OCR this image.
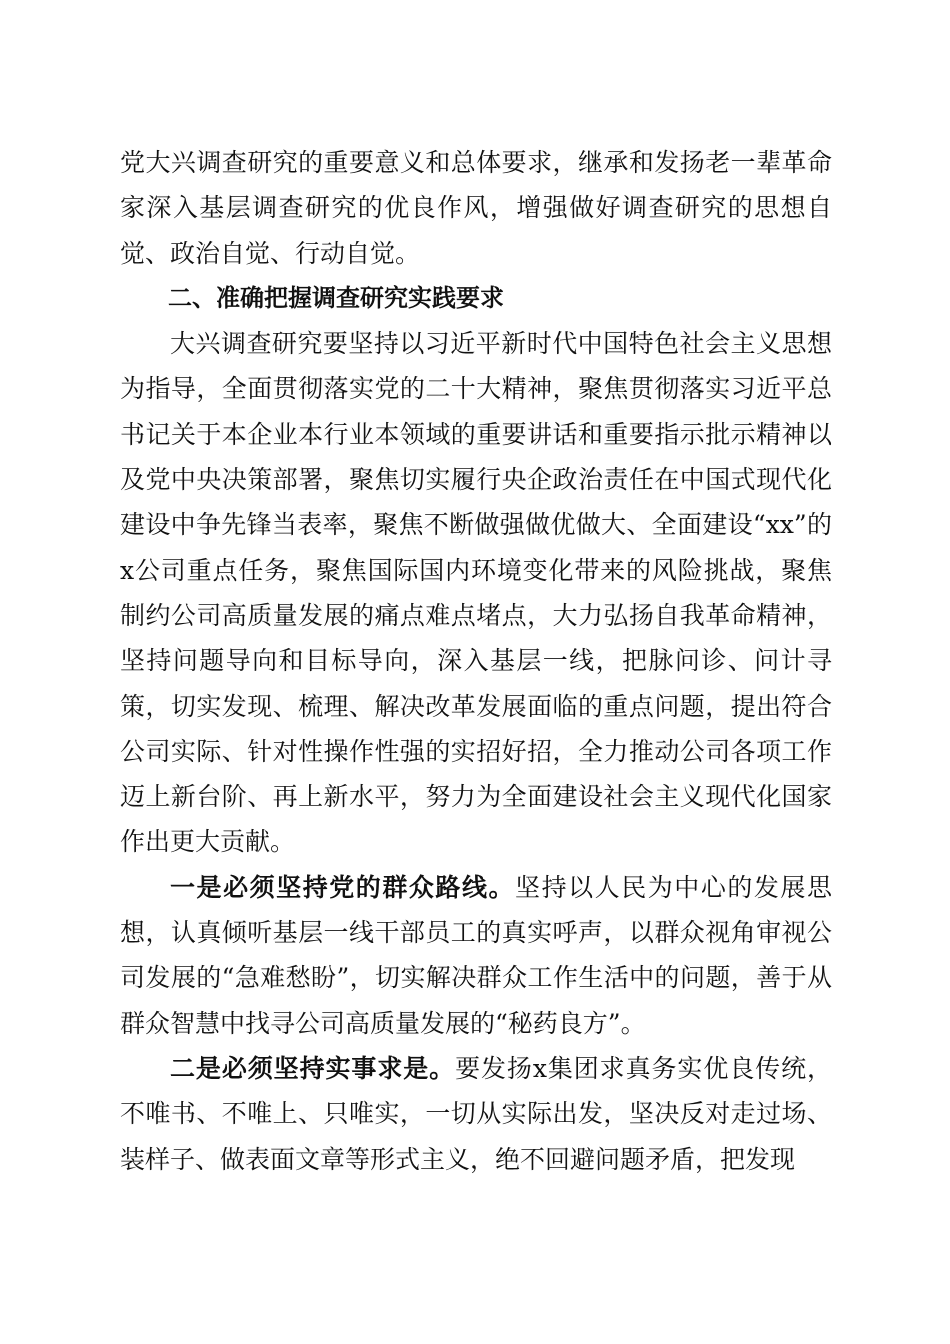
党大兴调查研究的重要意义和总体要求，继承和发扬老一辈革命家深入基层调查研究的优良作风，增强做好调查研究的思想自觉、政治自觉、行动自觉。

二、准确把握调查研究实践要求

大兴调查研究要坚持以习近平新时代中国特色社会主义思想为指导，全面贯彻落实党的二十大精神，聚焦贯彻落实习近平总书记关于本企业本行业本领域的重要讲话和重要指示批示精神以及党中央决策部署，聚焦切实履行央企政治责任在中国式现代化建设中争先锋当表率，聚焦不断做强做优做大、全面建设“xx”的x公司重点任务，聚焦国际国内环境变化带来的风险挑战，聚焦制约公司高质量发展的痛点难点堵点，大力弘扬自我革命精神，坚持问题导向和目标导向，深入基层一线，把脉问诊、问计寻策，切实发现、梳理、解决改革发展面临的重点问题，提出符合公司实际、针对性操作性强的实招好招，全力推动公司各项工作迈上新台阶、再上新水平，努力为全面建设社会主义现代化国家作出更大贡献。

一是必须坚持党的群众路线。坚持以人民为中心的发展思想，认真倾听基层一线干部员工的真实呼声，以群众视角审视公司发展的“急难愁盼”，切实解决群众工作生活中的问题，善于从群众智慧中找寻公司高质量发展的“秘药良方”。

二是必须坚持实事求是。要发扬x集团求真务实优良传统，不唯书、不唯上、只唯实，一切从实际出发，坚决反对走过场、装样子、做表面文章等形式主义，绝不回避问题矛盾，把发现
